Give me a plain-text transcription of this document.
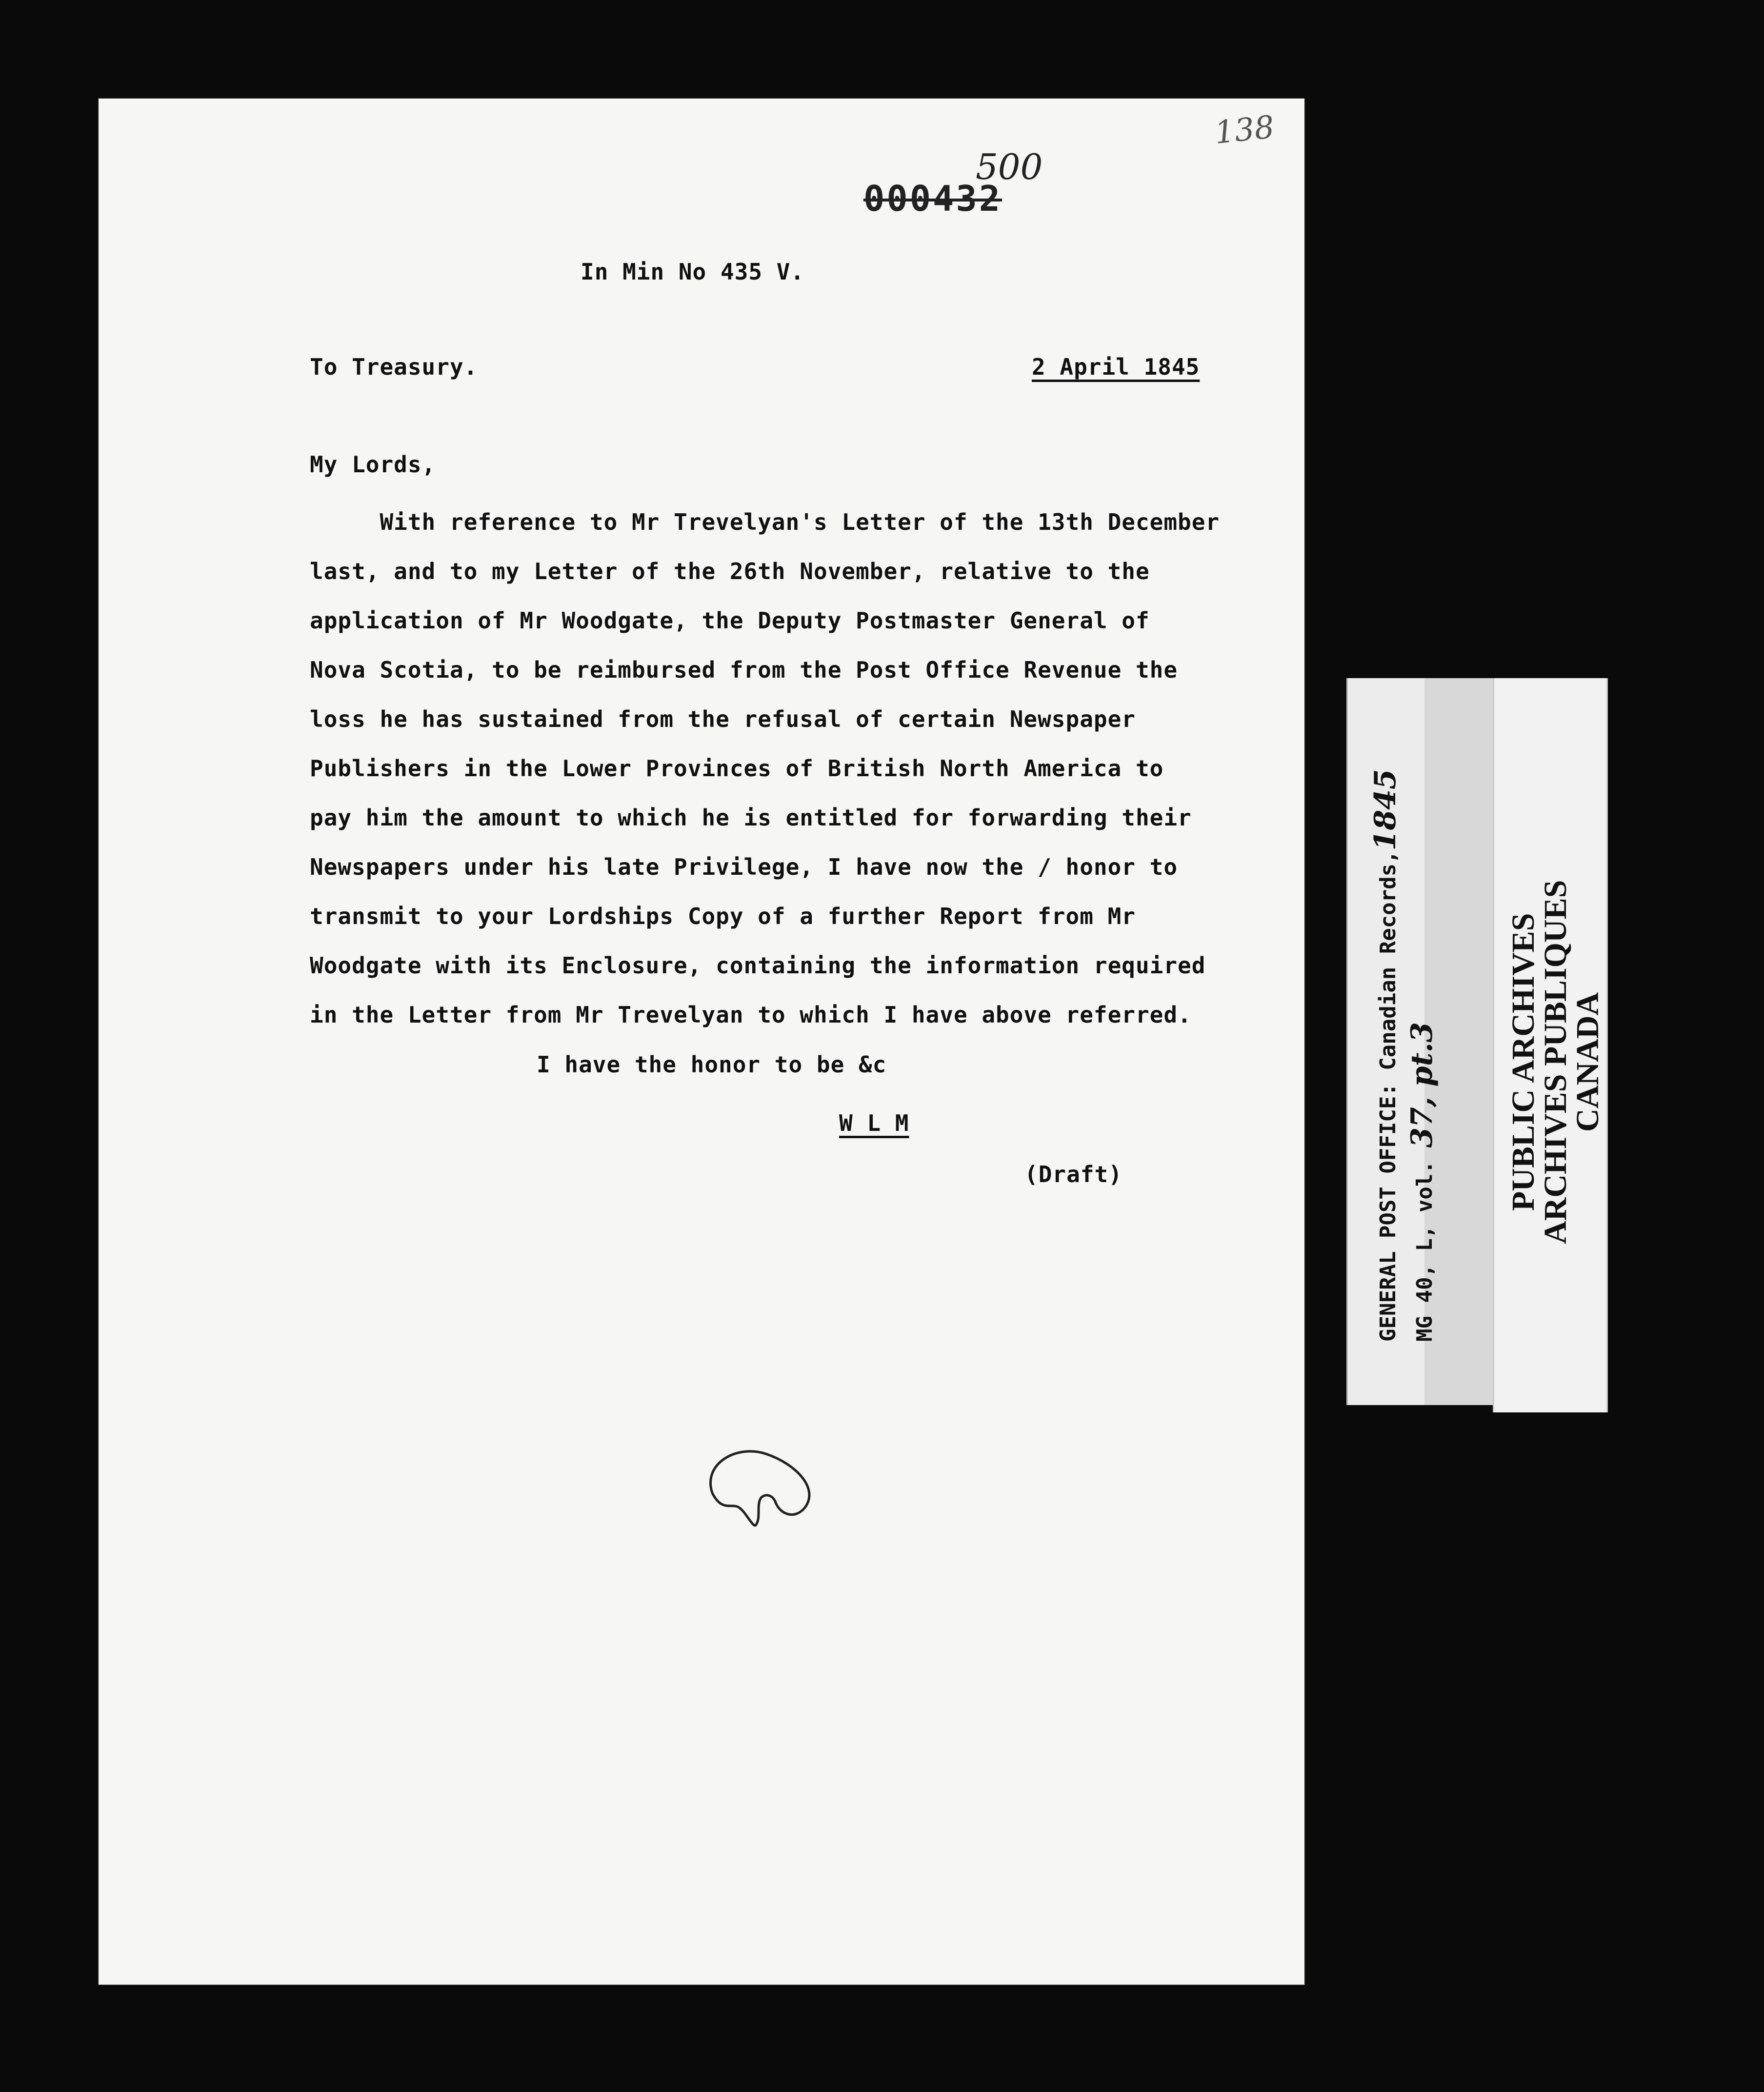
138
500
000432
In Min No 435 V.
To Treasury.	2 April 1845
My Lords,
With reference to Mr Trevelyan's Letter of the 13th December
last, and to my Letter of the 26th November, relative to the
application of Mr Woodgate, the Deputy Postmaster General of
Nova Scotia, to be reimbursed from the Post Office Revenue the
loss he has sustained from the refusal of certain Newspaper
Publishers in the Lower Provinces of British North America to
pay him the amount to which he is entitled for forwarding their
Newspapers under his late Privilege, I have now the / honor to
transmit to your Lordships Copy of a further Report from Mr
Woodgate with its Enclosure, containing the information required
in the Letter from Mr Trevelyan to which I have above referred.
I have the honor to be &c
W L M
(Draft)	GENERAL POST OFFICE: Canadian Records,1845
MG 40, L, vol. 37, pt.3 PUBLIC ARCHIVES
ARCHIVES PUBLIQUES
CANADA
